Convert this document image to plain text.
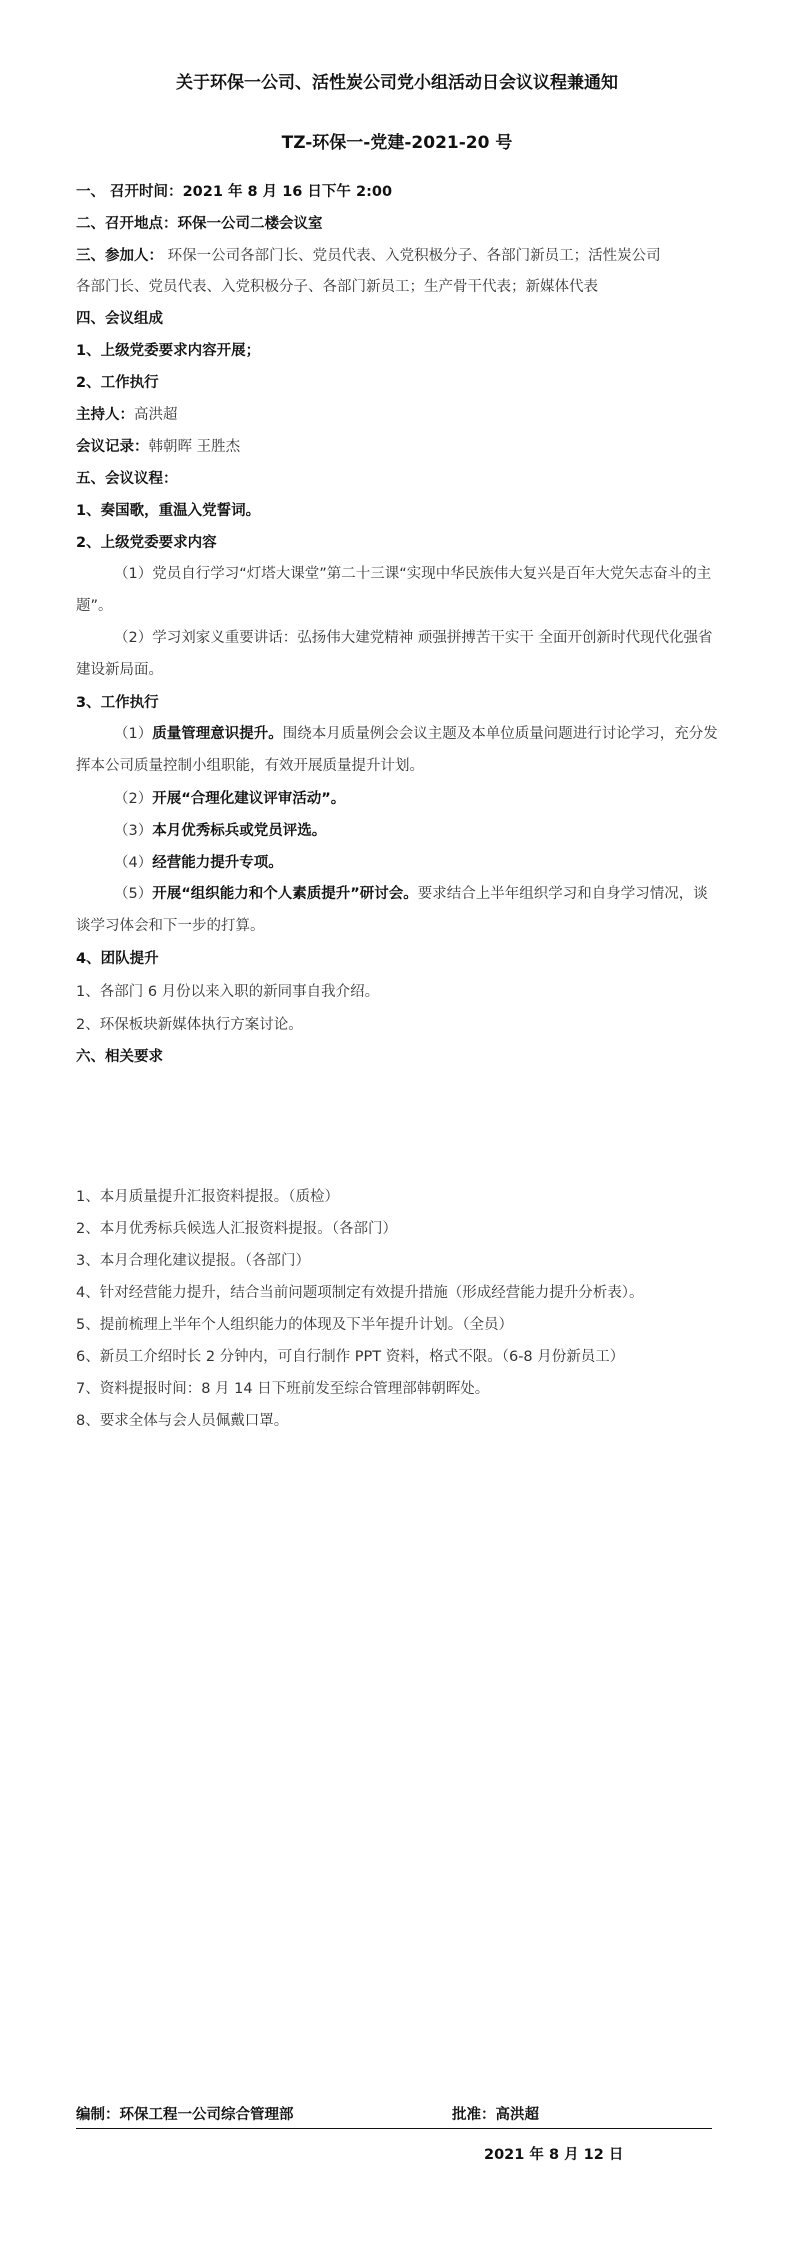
关于环保一公司、活性炭公司党小组活动日会议议程兼通知
TZ-环保一-党建-2021-20 号
一、 召开时间：2021 年 8 月 16 日下午 2:00
二、召开地点：环保一公司二楼会议室
三、参加人： 环保一公司各部门长、党员代表、入党积极分子、各部门新员工；活性炭公司
各部门长、党员代表、入党积极分子、各部门新员工；生产骨干代表；新媒体代表
四、会议组成
1、上级党委要求内容开展；
2、工作执行
主持人：高洪超
会议记录：韩朝晖 王胜杰
五、会议议程：
1、奏国歌，重温入党誓词。
2、上级党委要求内容
（1）党员自行学习“灯塔大课堂”第二十三课“实现中华民族伟大复兴是百年大党矢志奋斗的主题”。
（2）学习刘家义重要讲话：弘扬伟大建党精神 顽强拼搏苦干实干 全面开创新时代现代化强省建设新局面。
3、工作执行
（1）质量管理意识提升。围绕本月质量例会会议主题及本单位质量问题进行讨论学习，充分发挥本公司质量控制小组职能，有效开展质量提升计划。
（2）开展“合理化建议评审活动”。
（3）本月优秀标兵或党员评选。
（4）经营能力提升专项。
（5）开展“组织能力和个人素质提升”研讨会。要求结合上半年组织学习和自身学习情况，谈谈学习体会和下一步的打算。
4、团队提升
1、各部门 6 月份以来入职的新同事自我介绍。
2、环保板块新媒体执行方案讨论。
六、相关要求
1、本月质量提升汇报资料提报。（质检）
2、本月优秀标兵候选人汇报资料提报。（各部门）
3、本月合理化建议提报。（各部门）
4、针对经营能力提升，结合当前问题项制定有效提升措施（形成经营能力提升分析表）。
5、提前梳理上半年个人组织能力的体现及下半年提升计划。（全员）
6、新员工介绍时长 2 分钟内，可自行制作 PPT 资料，格式不限。（6-8 月份新员工）
7、资料提报时间：8 月 14 日下班前发至综合管理部韩朝晖处。
8、要求全体与会人员佩戴口罩。
编制：环保工程一公司综合管理部	批准：高洪超
2021 年 8 月 12 日
